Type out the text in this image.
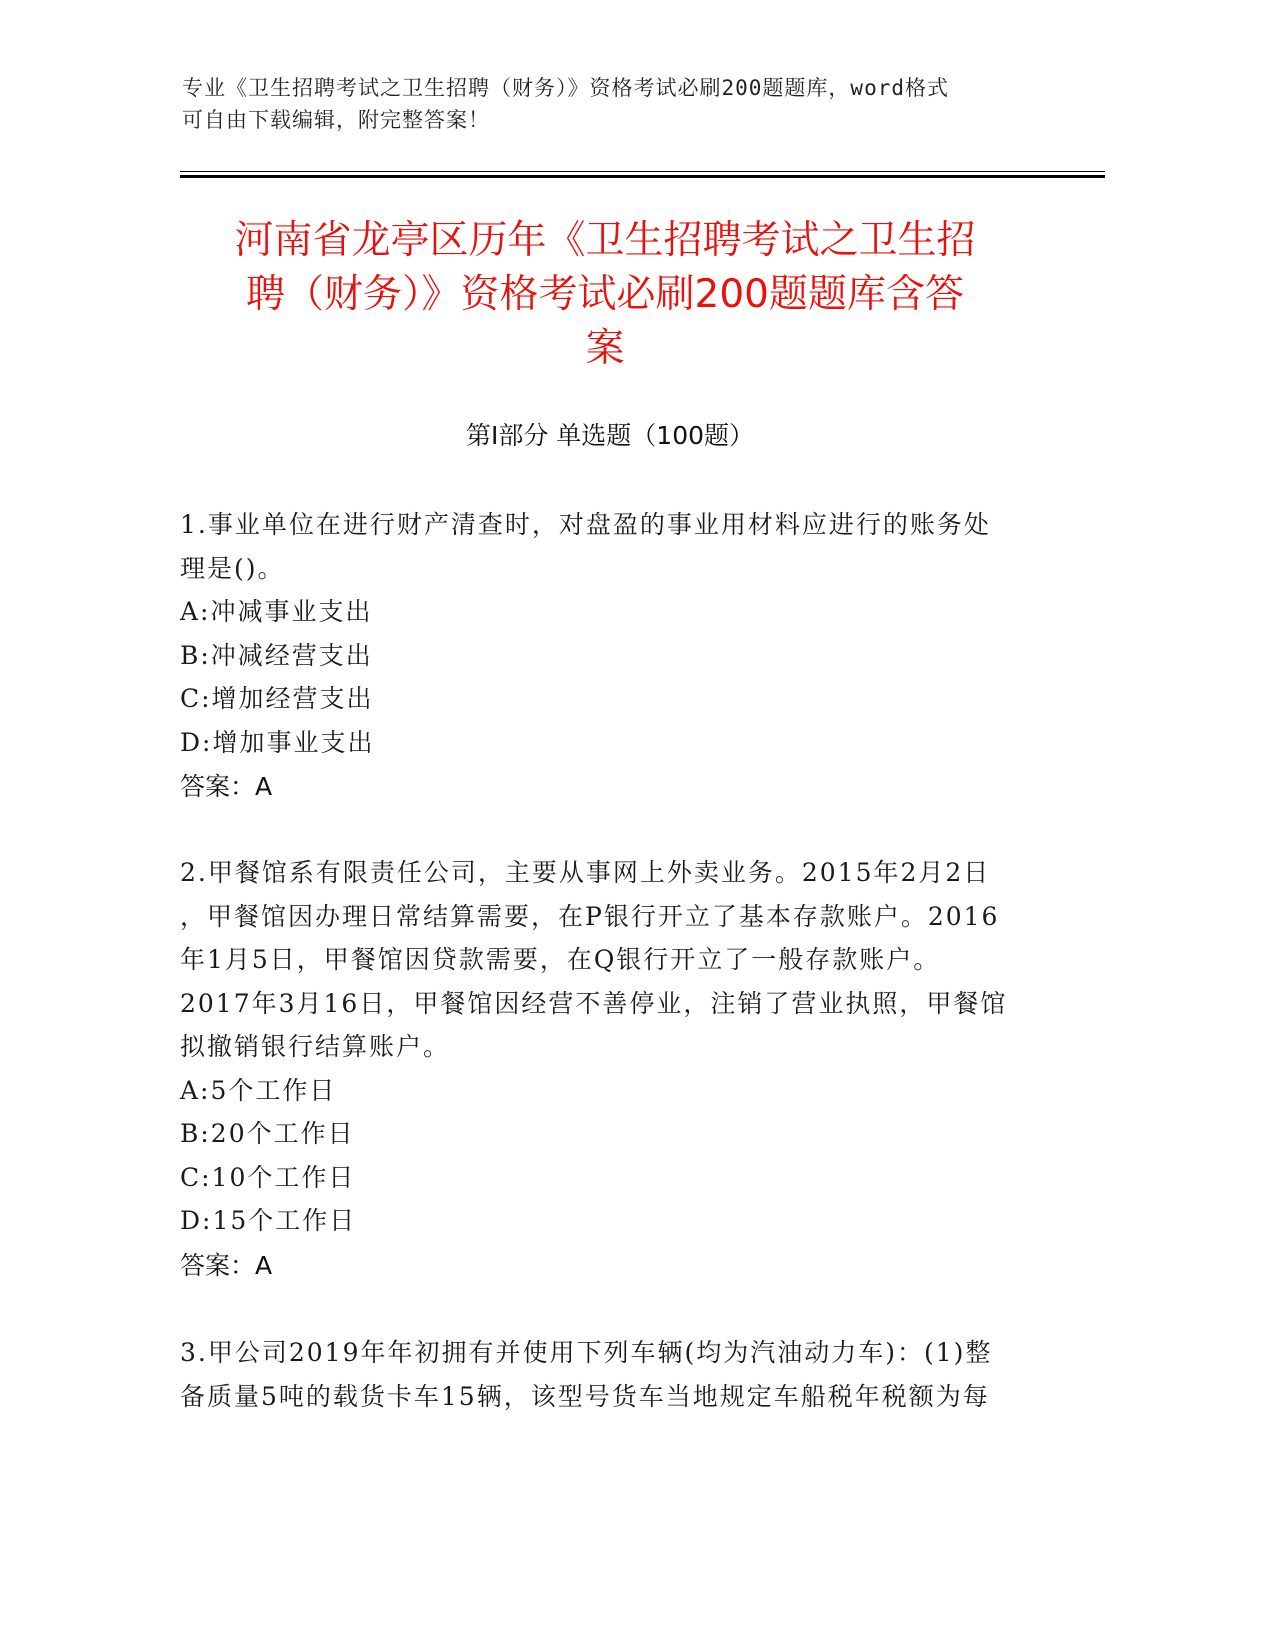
专业《卫生招聘考试之卫生招聘（财务）》资格考试必刷200题题库，word格式
可自由下载编辑，附完整答案！
河南省龙亭区历年《卫生招聘考试之卫生招
聘（财务）》资格考试必刷200题题库含答
案
第Ⅰ部分 单选题（100题）
1.事业单位在进行财产清查时，对盘盈的事业用材料应进行的账务处
理是()。
A:冲减事业支出
B:冲减经营支出
C:增加经营支出
D:增加事业支出
答案：A
2.甲餐馆系有限责任公司，主要从事网上外卖业务。2015年2月2日
，甲餐馆因办理日常结算需要，在P银行开立了基本存款账户。2016
年1月5日，甲餐馆因贷款需要，在Q银行开立了一般存款账户。
2017年3月16日，甲餐馆因经营不善停业，注销了营业执照，甲餐馆
拟撤销银行结算账户。
A:5个工作日
B:20个工作日
C:10个工作日
D:15个工作日
答案：A
3.甲公司2019年年初拥有并使用下列车辆(均为汽油动力车)：(1)整
备质量5吨的载货卡车15辆，该型号货车当地规定车船税年税额为每
